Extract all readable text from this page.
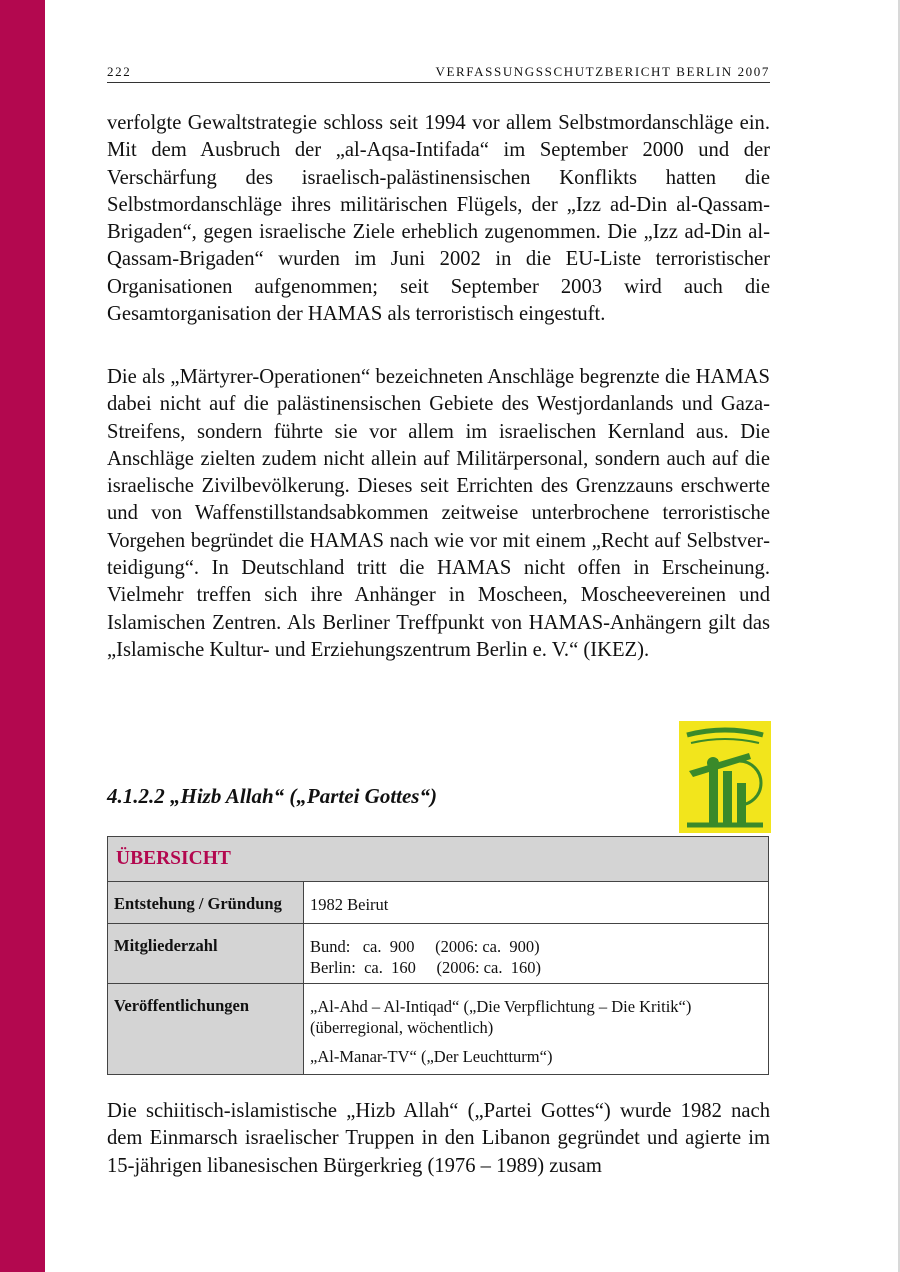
222	VERFASSUNGSSCHUTZBERICHT BERLIN 2007

verfolgte Gewaltstrategie schloss seit 1994 vor allem Selbstmordanschläge ein. Mit dem Ausbruch der „al-Aqsa-Intifada“ im September 2000 und der Verschärfung des israelisch-palästinensischen Konflikts hatten die Selbstmordanschläge ihres militärischen Flügels, der „Izz ad-Din al-Qassam-Brigaden“, gegen israelische Ziele erheblich zugenommen. Die „Izz ad-Din al-Qassam-Brigaden“ wurden im Juni 2002 in die EU-Liste terroristischer Organisationen aufgenommen; seit September 2003 wird auch die Gesamtorganisation der HAMAS als terroristisch eingestuft.

Die als „Märtyrer-Operationen“ bezeichneten Anschläge begrenzte die HAMAS dabei nicht auf die palästinensischen Gebiete des Westjordanlands und Gaza-Streifens, sondern führte sie vor allem im israelischen Kernland aus. Die Anschläge zielten zudem nicht allein auf Militärpersonal, sondern auch auf die israelische Zivilbevölkerung. Dieses seit Errichten des Grenzzauns erschwerte und von Waffenstillstandsabkommen zeitweise unterbrochene terroristische Vorgehen begründet die HAMAS nach wie vor mit einem „Recht auf Selbstverteidigung“. In Deutschland tritt die HAMAS nicht offen in Erscheinung. Vielmehr treffen sich ihre Anhänger in Moscheen, Moscheevereinen und Islamischen Zentren. Als Berliner Treffpunkt von HAMAS-Anhängern gilt das „Islamische Kultur- und Erziehungszentrum Berlin e. V.“ (IKEZ).

4.1.2.2 „Hizb Allah“ („Partei Gottes“)
ÜBERSICHT	
Entstehung / Gründung	1982 Beirut

Mitgliederzahl	Bund:   ca.  900     (2006: ca.  900)
Berlin:  ca.  160     (2006: ca.  160)

Veröffentlichungen	„Al-Ahd – Al-Intiqad“ („Die Verpflichtung – Die Kritik“)
(überregional, wöchentlich)
„Al-Manar-TV“ („Der Leuchtturm“)

Die schiitisch-islamistische „Hizb Allah“ („Partei Gottes“) wurde 1982 nach dem Einmarsch israelischer Truppen in den Libanon gegründet und agierte im 15-jährigen libanesischen Bürgerkrieg (1976 – 1989) zusam
